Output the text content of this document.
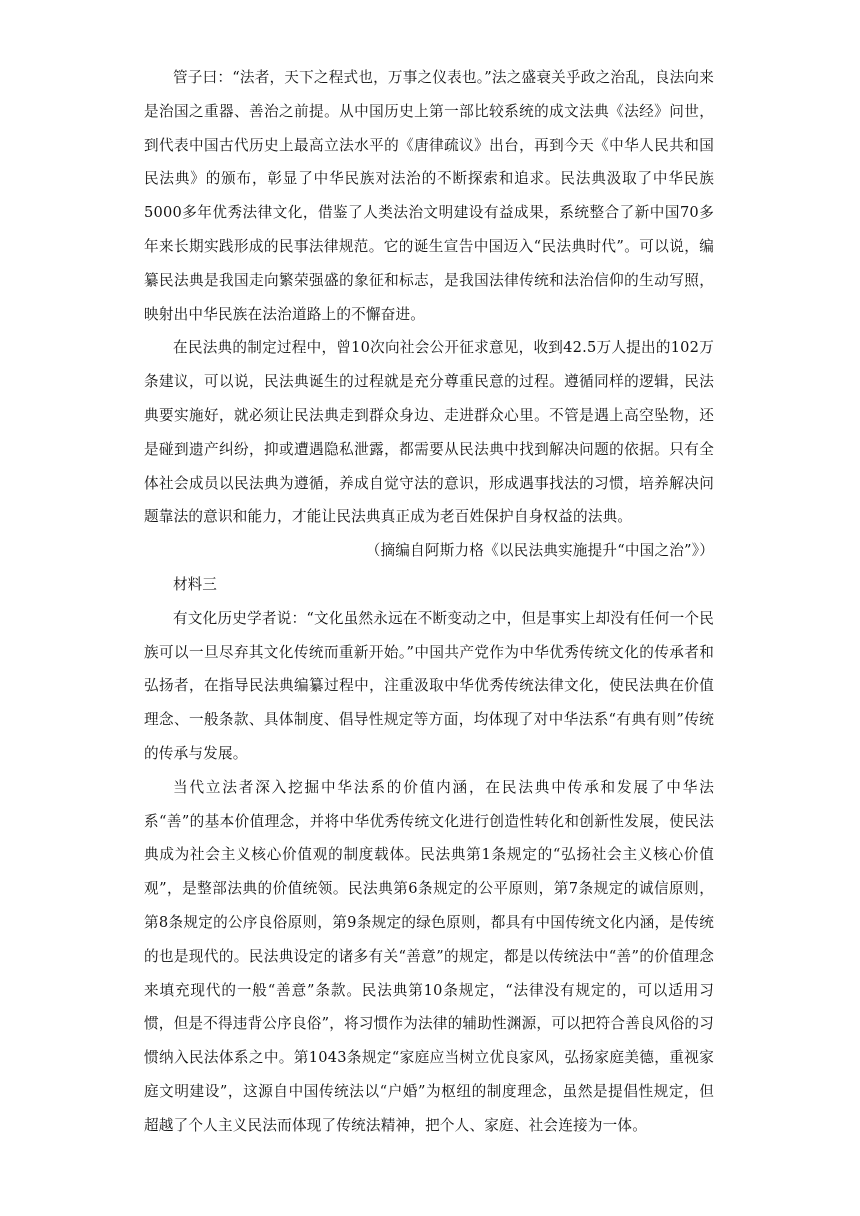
管子曰：“法者，天下之程式也，万事之仪表也。”法之盛衰关乎政之治乱，良法向来是治国之重器、善治之前提。从中国历史上第一部比较系统的成文法典《法经》问世，到代表中国古代历史上最高立法水平的《唐律疏议》出台，再到今天《中华人民共和国民法典》的颁布，彰显了中华民族对法治的不断探索和追求。民法典汲取了中华民族5000多年优秀法律文化，借鉴了人类法治文明建设有益成果，系统整合了新中国70多年来长期实践形成的民事法律规范。它的诞生宣告中国迈入“民法典时代”。可以说，编纂民法典是我国走向繁荣强盛的象征和标志，是我国法律传统和法治信仰的生动写照，映射出中华民族在法治道路上的不懈奋进。

在民法典的制定过程中，曾10次向社会公开征求意见，收到42.5万人提出的102万条建议，可以说，民法典诞生的过程就是充分尊重民意的过程。遵循同样的逻辑，民法典要实施好，就必须让民法典走到群众身边、走进群众心里。不管是遇上高空坠物，还是碰到遗产纠纷，抑或遭遇隐私泄露，都需要从民法典中找到解决问题的依据。只有全体社会成员以民法典为遵循，养成自觉守法的意识，形成遇事找法的习惯，培养解决问题靠法的意识和能力，才能让民法典真正成为老百姓保护自身权益的法典。

（摘编自阿斯力格《以民法典实施提升“中国之治”》）

材料三

有文化历史学者说：“文化虽然永远在不断变动之中，但是事实上却没有任何一个民族可以一旦尽弃其文化传统而重新开始。”中国共产党作为中华优秀传统文化的传承者和弘扬者，在指导民法典编纂过程中，注重汲取中华优秀传统法律文化，使民法典在价值理念、一般条款、具体制度、倡导性规定等方面，均体现了对中华法系“有典有则”传统的传承与发展。

当代立法者深入挖掘中华法系的价值内涵，在民法典中传承和发展了中华法系“善”的基本价值理念，并将中华优秀传统文化进行创造性转化和创新性发展，使民法典成为社会主义核心价值观的制度载体。民法典第1条规定的“弘扬社会主义核心价值观”，是整部法典的价值统领。民法典第6条规定的公平原则，第7条规定的诚信原则，第8条规定的公序良俗原则，第9条规定的绿色原则，都具有中国传统文化内涵，是传统的也是现代的。民法典设定的诸多有关“善意”的规定，都是以传统法中“善”的价值理念来填充现代的一般“善意”条款。民法典第10条规定，“法律没有规定的，可以适用习惯，但是不得违背公序良俗”，将习惯作为法律的辅助性渊源，可以把符合善良风俗的习惯纳入民法体系之中。第1043条规定“家庭应当树立优良家风，弘扬家庭美德，重视家庭文明建设”，这源自中国传统法以“户婚”为枢纽的制度理念，虽然是提倡性规定，但超越了个人主义民法而体现了传统法精神，把个人、家庭、社会连接为一体。
